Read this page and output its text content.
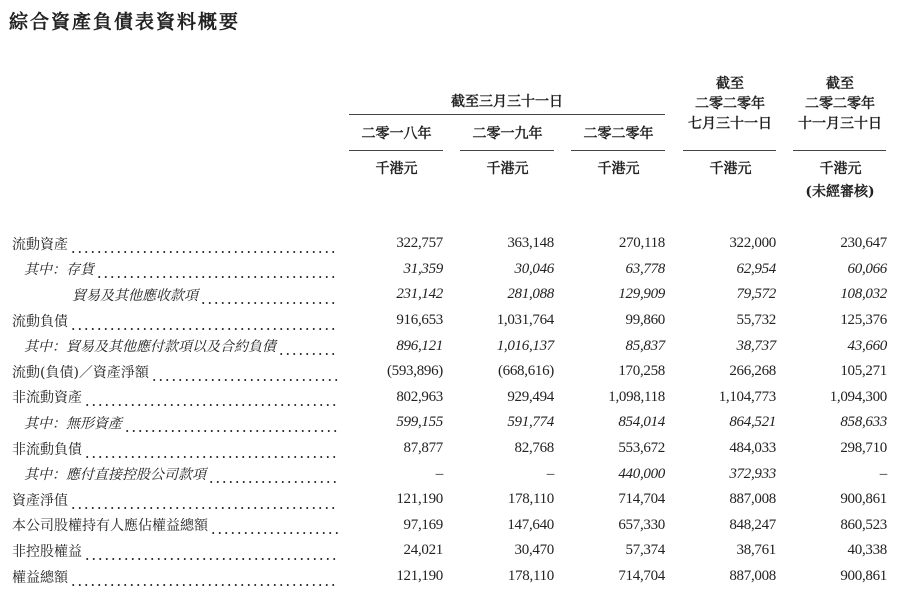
綜合資產負債表資料概要
截至三月三十一日
二零一八年	二零一九年	二零二零年
截至
二零二零年
七月三十一日
截至
二零二零年
十一月三十日
千港元	千港元	千港元	千港元	千港元
(未經審核)
流動資產	322,757	363,148	270,118	322,000	230,647
其中：存貨	31,359	30,046	63,778	62,954	60,066
貿易及其他應收款項	231,142	281,088	129,909	79,572	108,032
流動負債	916,653	1,031,764	99,860	55,732	125,376
其中：貿易及其他應付款項以及合約負債	896,121	1,016,137	85,837	38,737	43,660
流動(負債)／資產淨額	(593,896)	(668,616)	170,258	266,268	105,271
非流動資產	802,963	929,494	1,098,118	1,104,773	1,094,300
其中：無形資產	599,155	591,774	854,014	864,521	858,633
非流動負債	87,877	82,768	553,672	484,033	298,710
其中：應付直接控股公司款項	–	–	440,000	372,933	–
資產淨值	121,190	178,110	714,704	887,008	900,861
本公司股權持有人應佔權益總額	97,169	147,640	657,330	848,247	860,523
非控股權益	24,021	30,470	57,374	38,761	40,338
權益總額	121,190	178,110	714,704	887,008	900,861
